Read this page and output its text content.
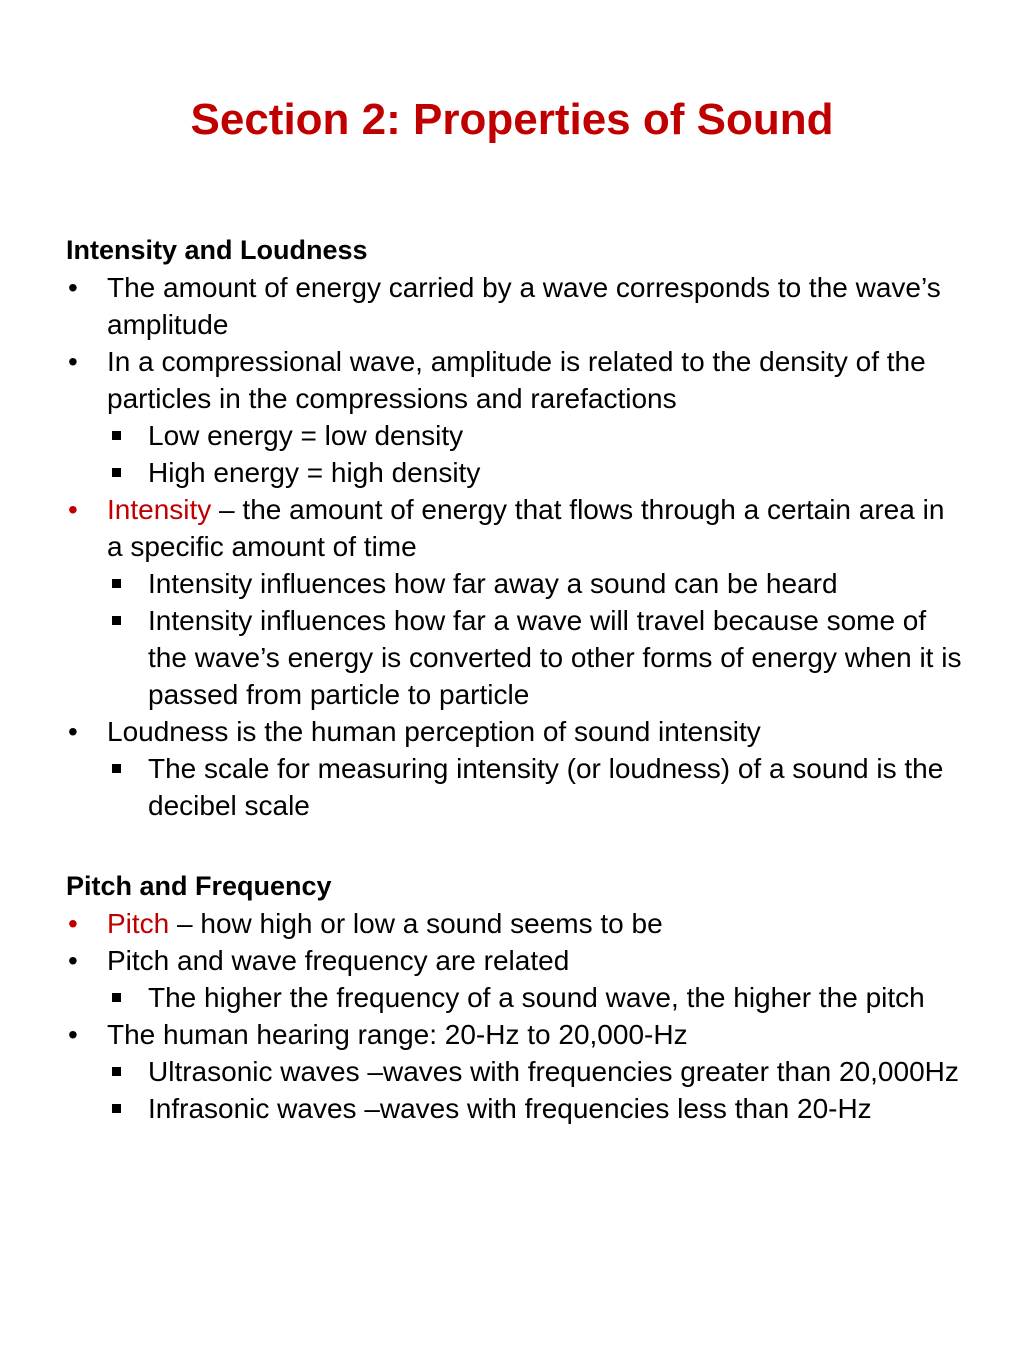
Section 2: Properties of Sound
Intensity and Loudness
•	The amount of energy carried by a wave corresponds to the wave’s amplitude
•	In a compressional wave, amplitude is related to the density of the particles in the compressions and rarefactions
Low energy = low density
High energy = high density
•	Intensity – the amount of energy that flows through a certain area in a specific amount of time
Intensity influences how far away a sound can be heard
Intensity influences how far a wave will travel because some of the wave’s energy is converted to other forms of energy when it is passed from particle to particle
•	Loudness is the human perception of sound intensity
The scale for measuring intensity (or loudness) of a sound is the decibel scale
Pitch and Frequency
•	Pitch – how high or low a sound seems to be
•	Pitch and wave frequency are related
The higher the frequency of a sound wave, the higher the pitch
•	The human hearing range: 20-Hz to 20,000-Hz
Ultrasonic waves –waves with frequencies greater than 20,000Hz
Infrasonic waves –waves with frequencies less than 20-Hz
